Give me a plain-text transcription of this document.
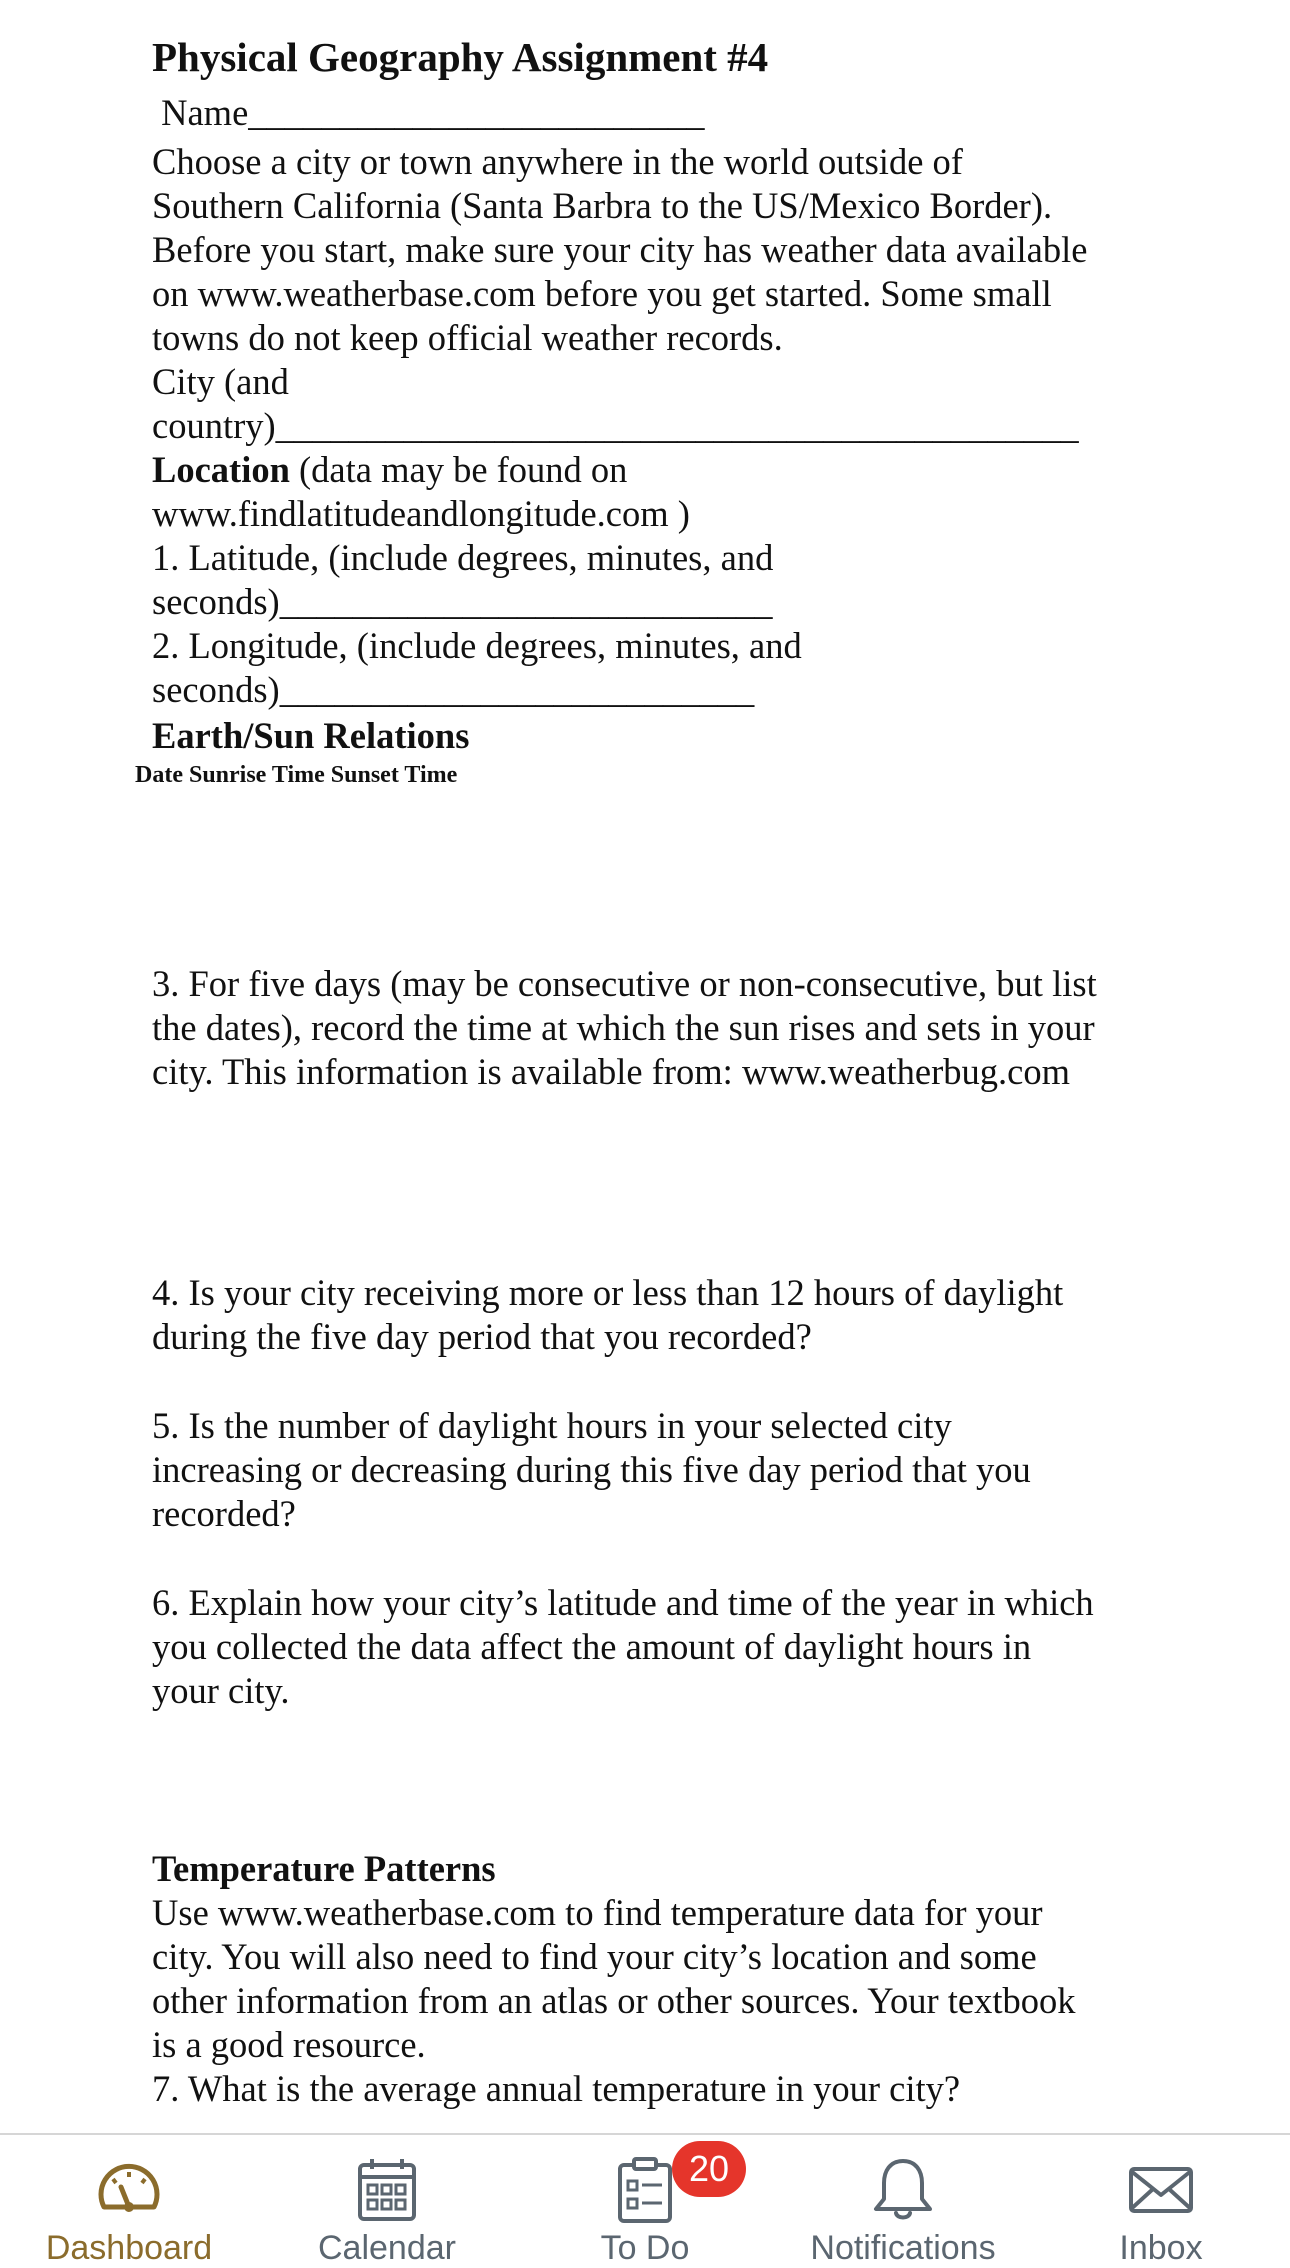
Physical Geography Assignment #4
Name_________________________
Choose a city or town anywhere in the world outside of
Southern California (Santa Barbra to the US/Mexico Border).
Before you start, make sure your city has weather data available
on www.weatherbase.com before you get started. Some small
towns do not keep official weather records.
City (and
country)____________________________________________
Location (data may be found on
www.findlatitudeandlongitude.com )
1. Latitude, (include degrees, minutes, and
seconds)___________________________
2. Longitude, (include degrees, minutes, and
seconds)__________________________
Earth/Sun Relations
Date Sunrise Time Sunset Time
3. For five days (may be consecutive or non-consecutive, but list
the dates), record the time at which the sun rises and sets in your
city. This information is available from: www.weatherbug.com
4. Is your city receiving more or less than 12 hours of daylight
during the five day period that you recorded?
5. Is the number of daylight hours in your selected city
increasing or decreasing during this five day period that you
recorded?
6. Explain how your city’s latitude and time of the year in which
you collected the data affect the amount of daylight hours in
your city.
Temperature Patterns
Use www.weatherbase.com to find temperature data for your
city. You will also need to find your city’s location and some
other information from an atlas or other sources. Your textbook
is a good resource.
7. What is the average annual temperature in your city?
Dashboard	Calendar	To Do	Notifications	Inbox
20
